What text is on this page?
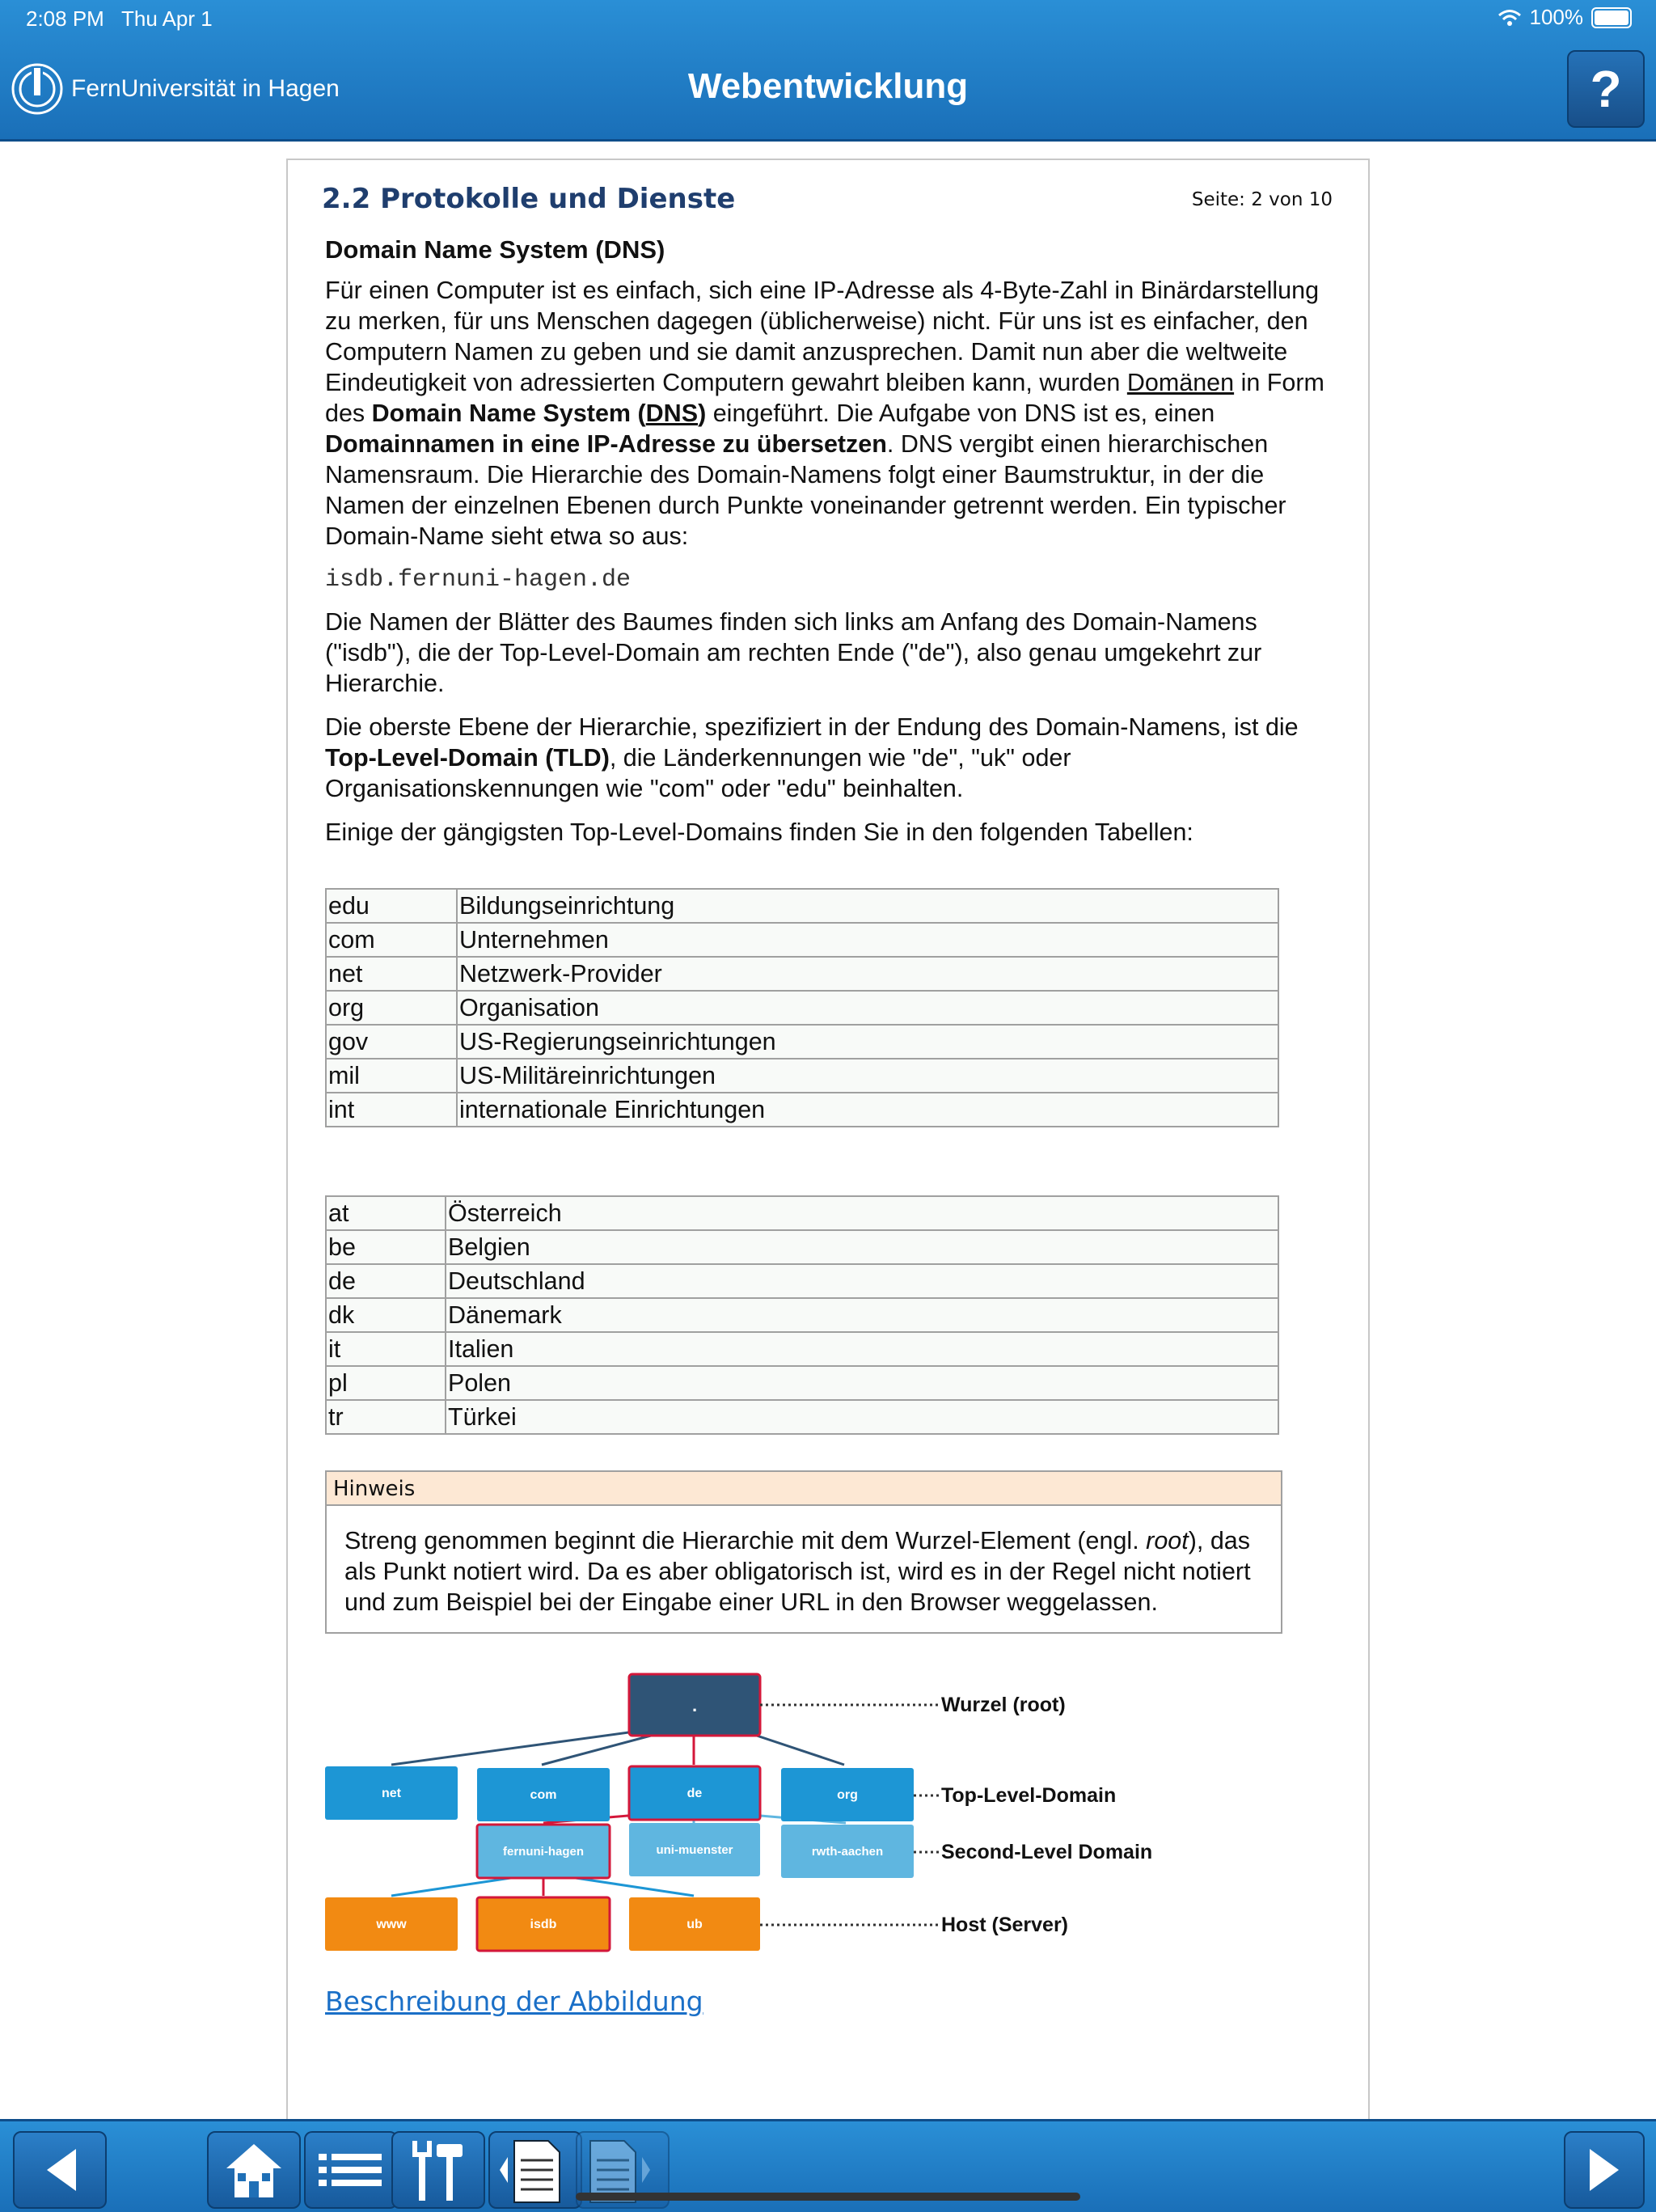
2:08 PM Thu Apr 1	100%
FernUniversität in Hagen	Webentwicklung	?
2.2 Protokolle und Dienste	Seite: 2 von 10
Domain Name System (DNS)

Für einen Computer ist es einfach, sich eine IP-Adresse als 4-Byte-Zahl in Binärdarstellung zu merken, für uns Menschen dagegen (üblicherweise) nicht. Für uns ist es einfacher, den Computern Namen zu geben und sie damit anzusprechen. Damit nun aber die weltweite Eindeutigkeit von adressierten Computern gewahrt bleiben kann, wurden Domänen in Form des Domain Name System (DNS) eingeführt. Die Aufgabe von DNS ist es, einen Domainnamen in eine IP-Adresse zu übersetzen. DNS vergibt einen hierarchischen Namensraum. Die Hierarchie des Domain-Namens folgt einer Baumstruktur, in der die Namen der einzelnen Ebenen durch Punkte voneinander getrennt werden. Ein typischer Domain-Name sieht etwa so aus:

isdb.fernuni-hagen.de

Die Namen der Blätter des Baumes finden sich links am Anfang des Domain-Namens ("isdb"), die der Top-Level-Domain am rechten Ende ("de"), also genau umgekehrt zur Hierarchie.

Die oberste Ebene der Hierarchie, spezifiziert in der Endung des Domain-Namens, ist die Top-Level-Domain (TLD), die Länderkennungen wie "de", "uk" oder Organisationskennungen wie "com" oder "edu" beinhalten.

Einige der gängigsten Top-Level-Domains finden Sie in den folgenden Tabellen:

edu	Bildungseinrichtung
com	Unternehmen
net	Netzwerk-Provider
org	Organisation
gov	US-Regierungseinrichtungen
mil	US-Militäreinrichtungen
int	internationale Einrichtungen
at	Österreich
be	Belgien
de	Deutschland
dk	Dänemark
it	Italien
pl	Polen
tr	Türkei
Hinweis
Streng genommen beginnt die Hierarchie mit dem Wurzel-Element (engl. root), das als Punkt notiert wird. Da es aber obligatorisch ist, wird es in der Regel nicht notiert und zum Beispiel bei der Eingabe einer URL in den Browser weggelassen.
.
net	com	de	org
fernuni-hagen	uni-muenster	rwth-aachen
www	isdb	ub
Wurzel (root)
Top-Level-Domain
Second-Level Domain
Host (Server)
Beschreibung der Abbildung
